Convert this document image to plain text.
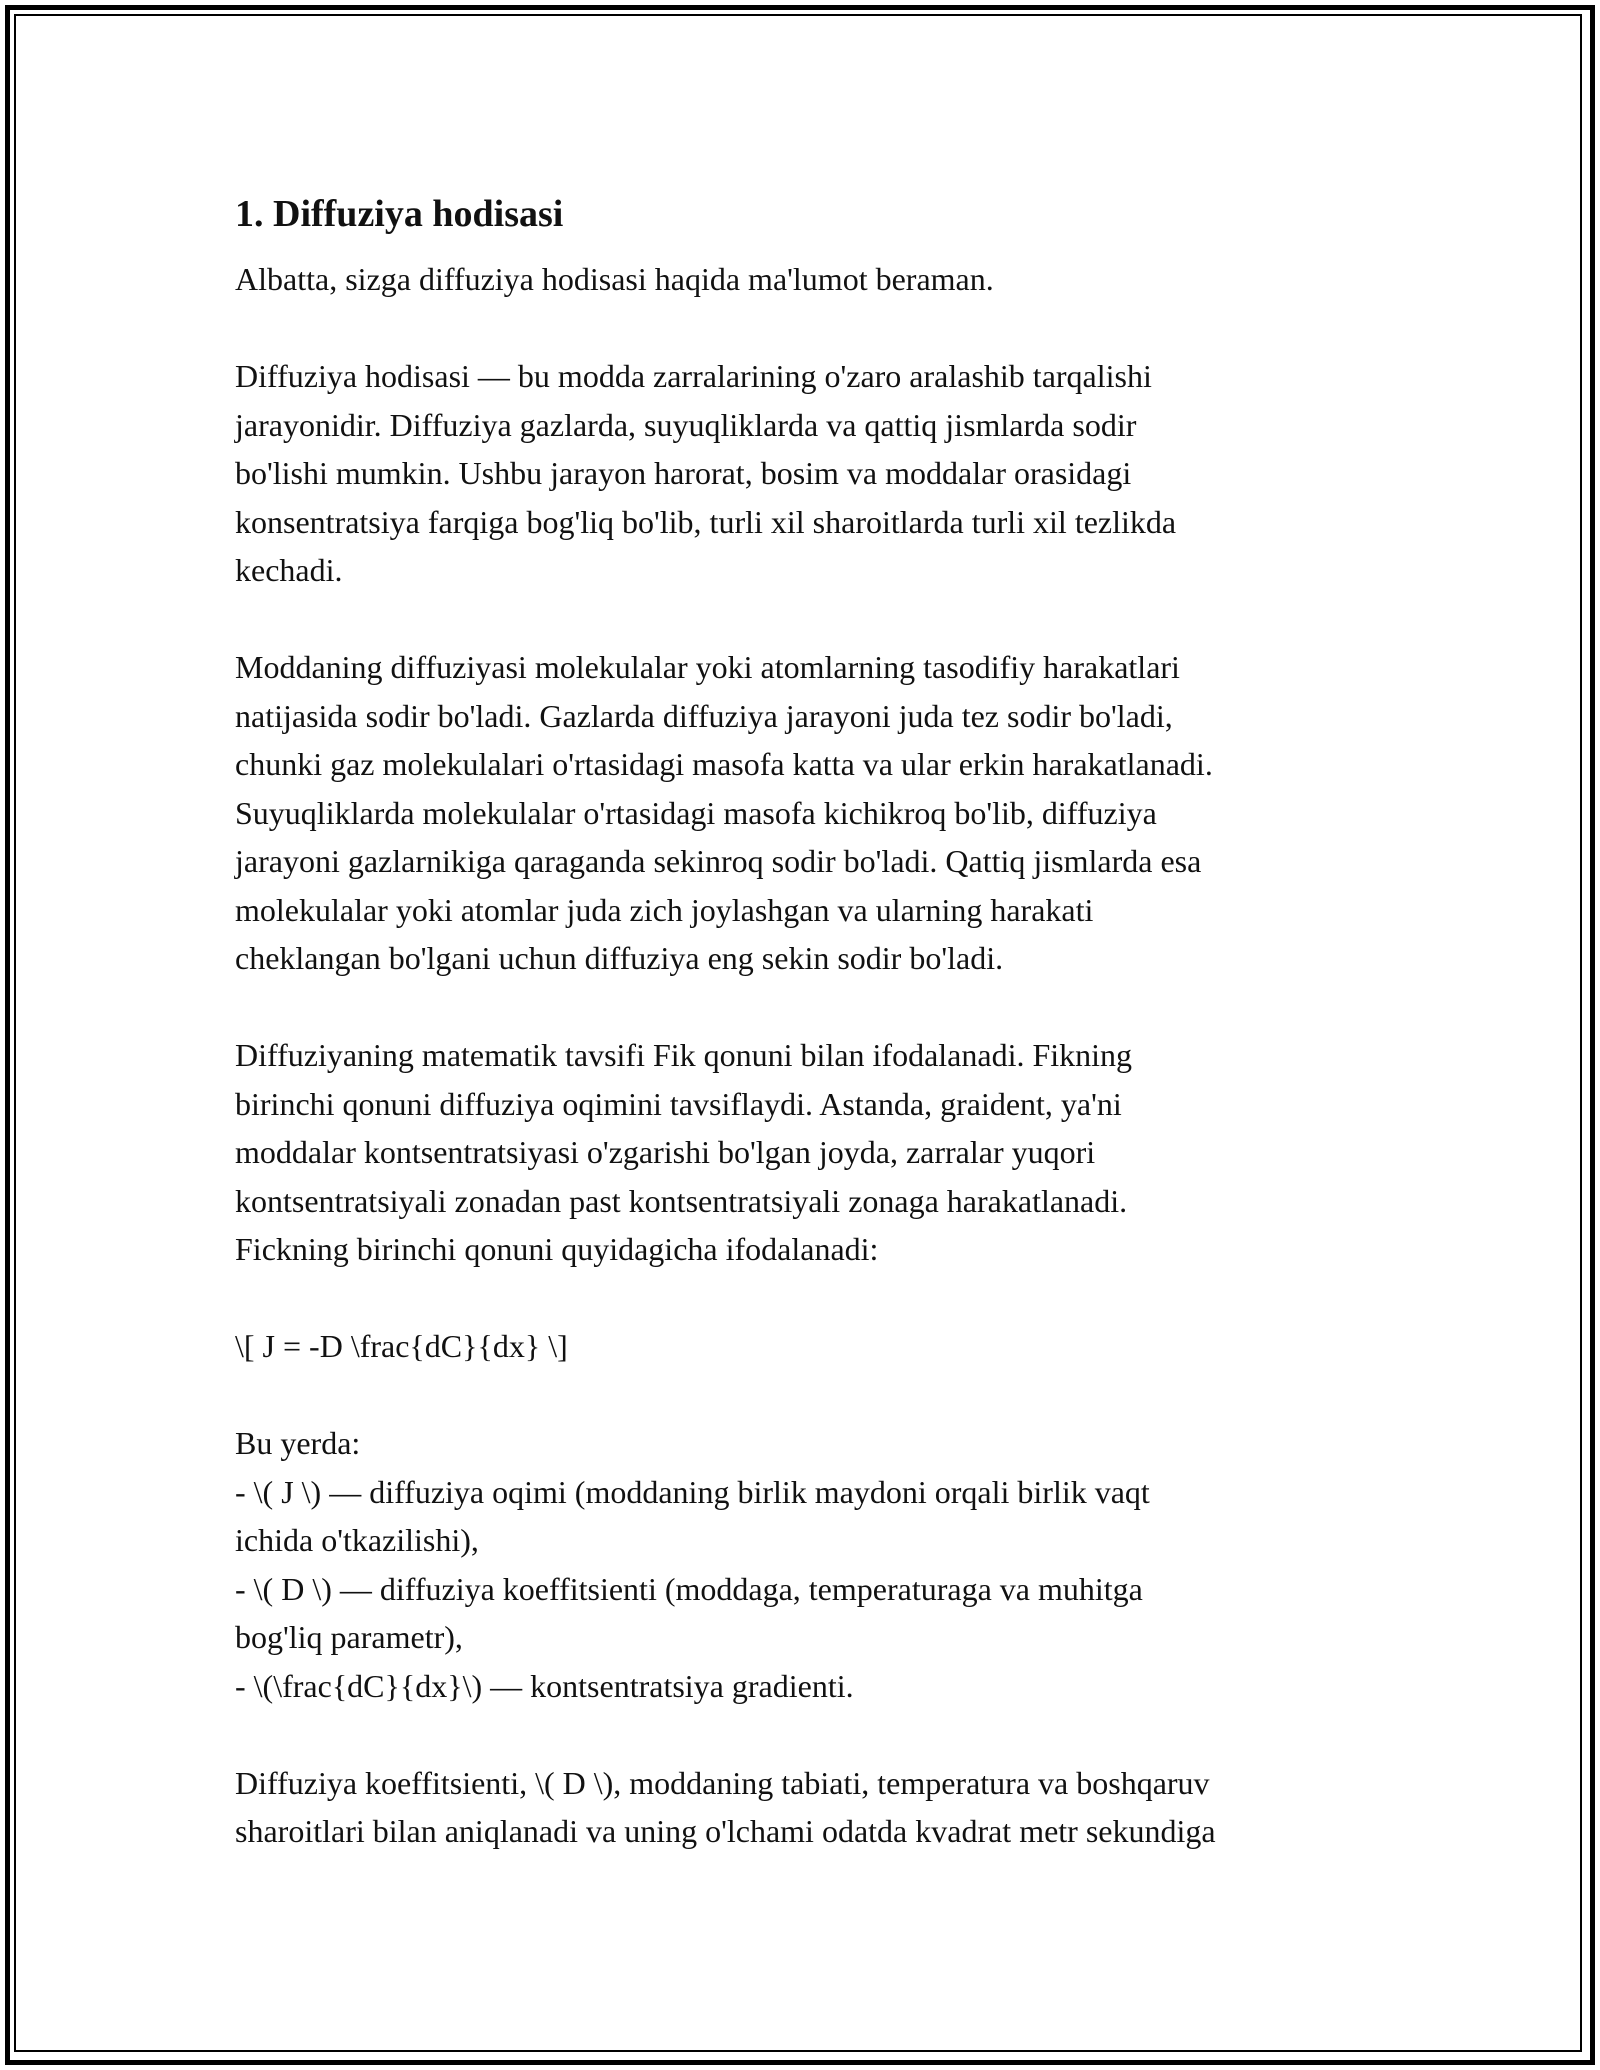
1. Diffuziya hodisasi

Albatta, sizga diffuziya hodisasi haqida ma'lumot beraman.

Diffuziya hodisasi — bu modda zarralarining o'zaro aralashib tarqalishi
jarayonidir. Diffuziya gazlarda, suyuqliklarda va qattiq jismlarda sodir
bo'lishi mumkin. Ushbu jarayon harorat, bosim va moddalar orasidagi
konsentratsiya farqiga bog'liq bo'lib, turli xil sharoitlarda turli xil tezlikda
kechadi.

Moddaning diffuziyasi molekulalar yoki atomlarning tasodifiy harakatlari
natijasida sodir bo'ladi. Gazlarda diffuziya jarayoni juda tez sodir bo'ladi,
chunki gaz molekulalari o'rtasidagi masofa katta va ular erkin harakatlanadi.
Suyuqliklarda molekulalar o'rtasidagi masofa kichikroq bo'lib, diffuziya
jarayoni gazlarnikiga qaraganda sekinroq sodir bo'ladi. Qattiq jismlarda esa
molekulalar yoki atomlar juda zich joylashgan va ularning harakati
cheklangan bo'lgani uchun diffuziya eng sekin sodir bo'ladi.

Diffuziyaning matematik tavsifi Fik qonuni bilan ifodalanadi. Fikning
birinchi qonuni diffuziya oqimini tavsiflaydi. Astanda, graident, ya'ni
moddalar kontsentratsiyasi o'zgarishi bo'lgan joyda, zarralar yuqori
kontsentratsiyali zonadan past kontsentratsiyali zonaga harakatlanadi.
Fickning birinchi qonuni quyidagicha ifodalanadi:

\[ J = -D \frac{dC}{dx} \]

Bu yerda:
- \( J \) — diffuziya oqimi (moddaning birlik maydoni orqali birlik vaqt
ichida o'tkazilishi),
- \( D \) — diffuziya koeffitsienti (moddaga, temperaturaga va muhitga
bog'liq parametr),
- \(\frac{dC}{dx}\) — kontsentratsiya gradienti.

Diffuziya koeffitsienti, \( D \), moddaning tabiati, temperatura va boshqaruv
sharoitlari bilan aniqlanadi va uning o'lchami odatda kvadrat metr sekundiga
